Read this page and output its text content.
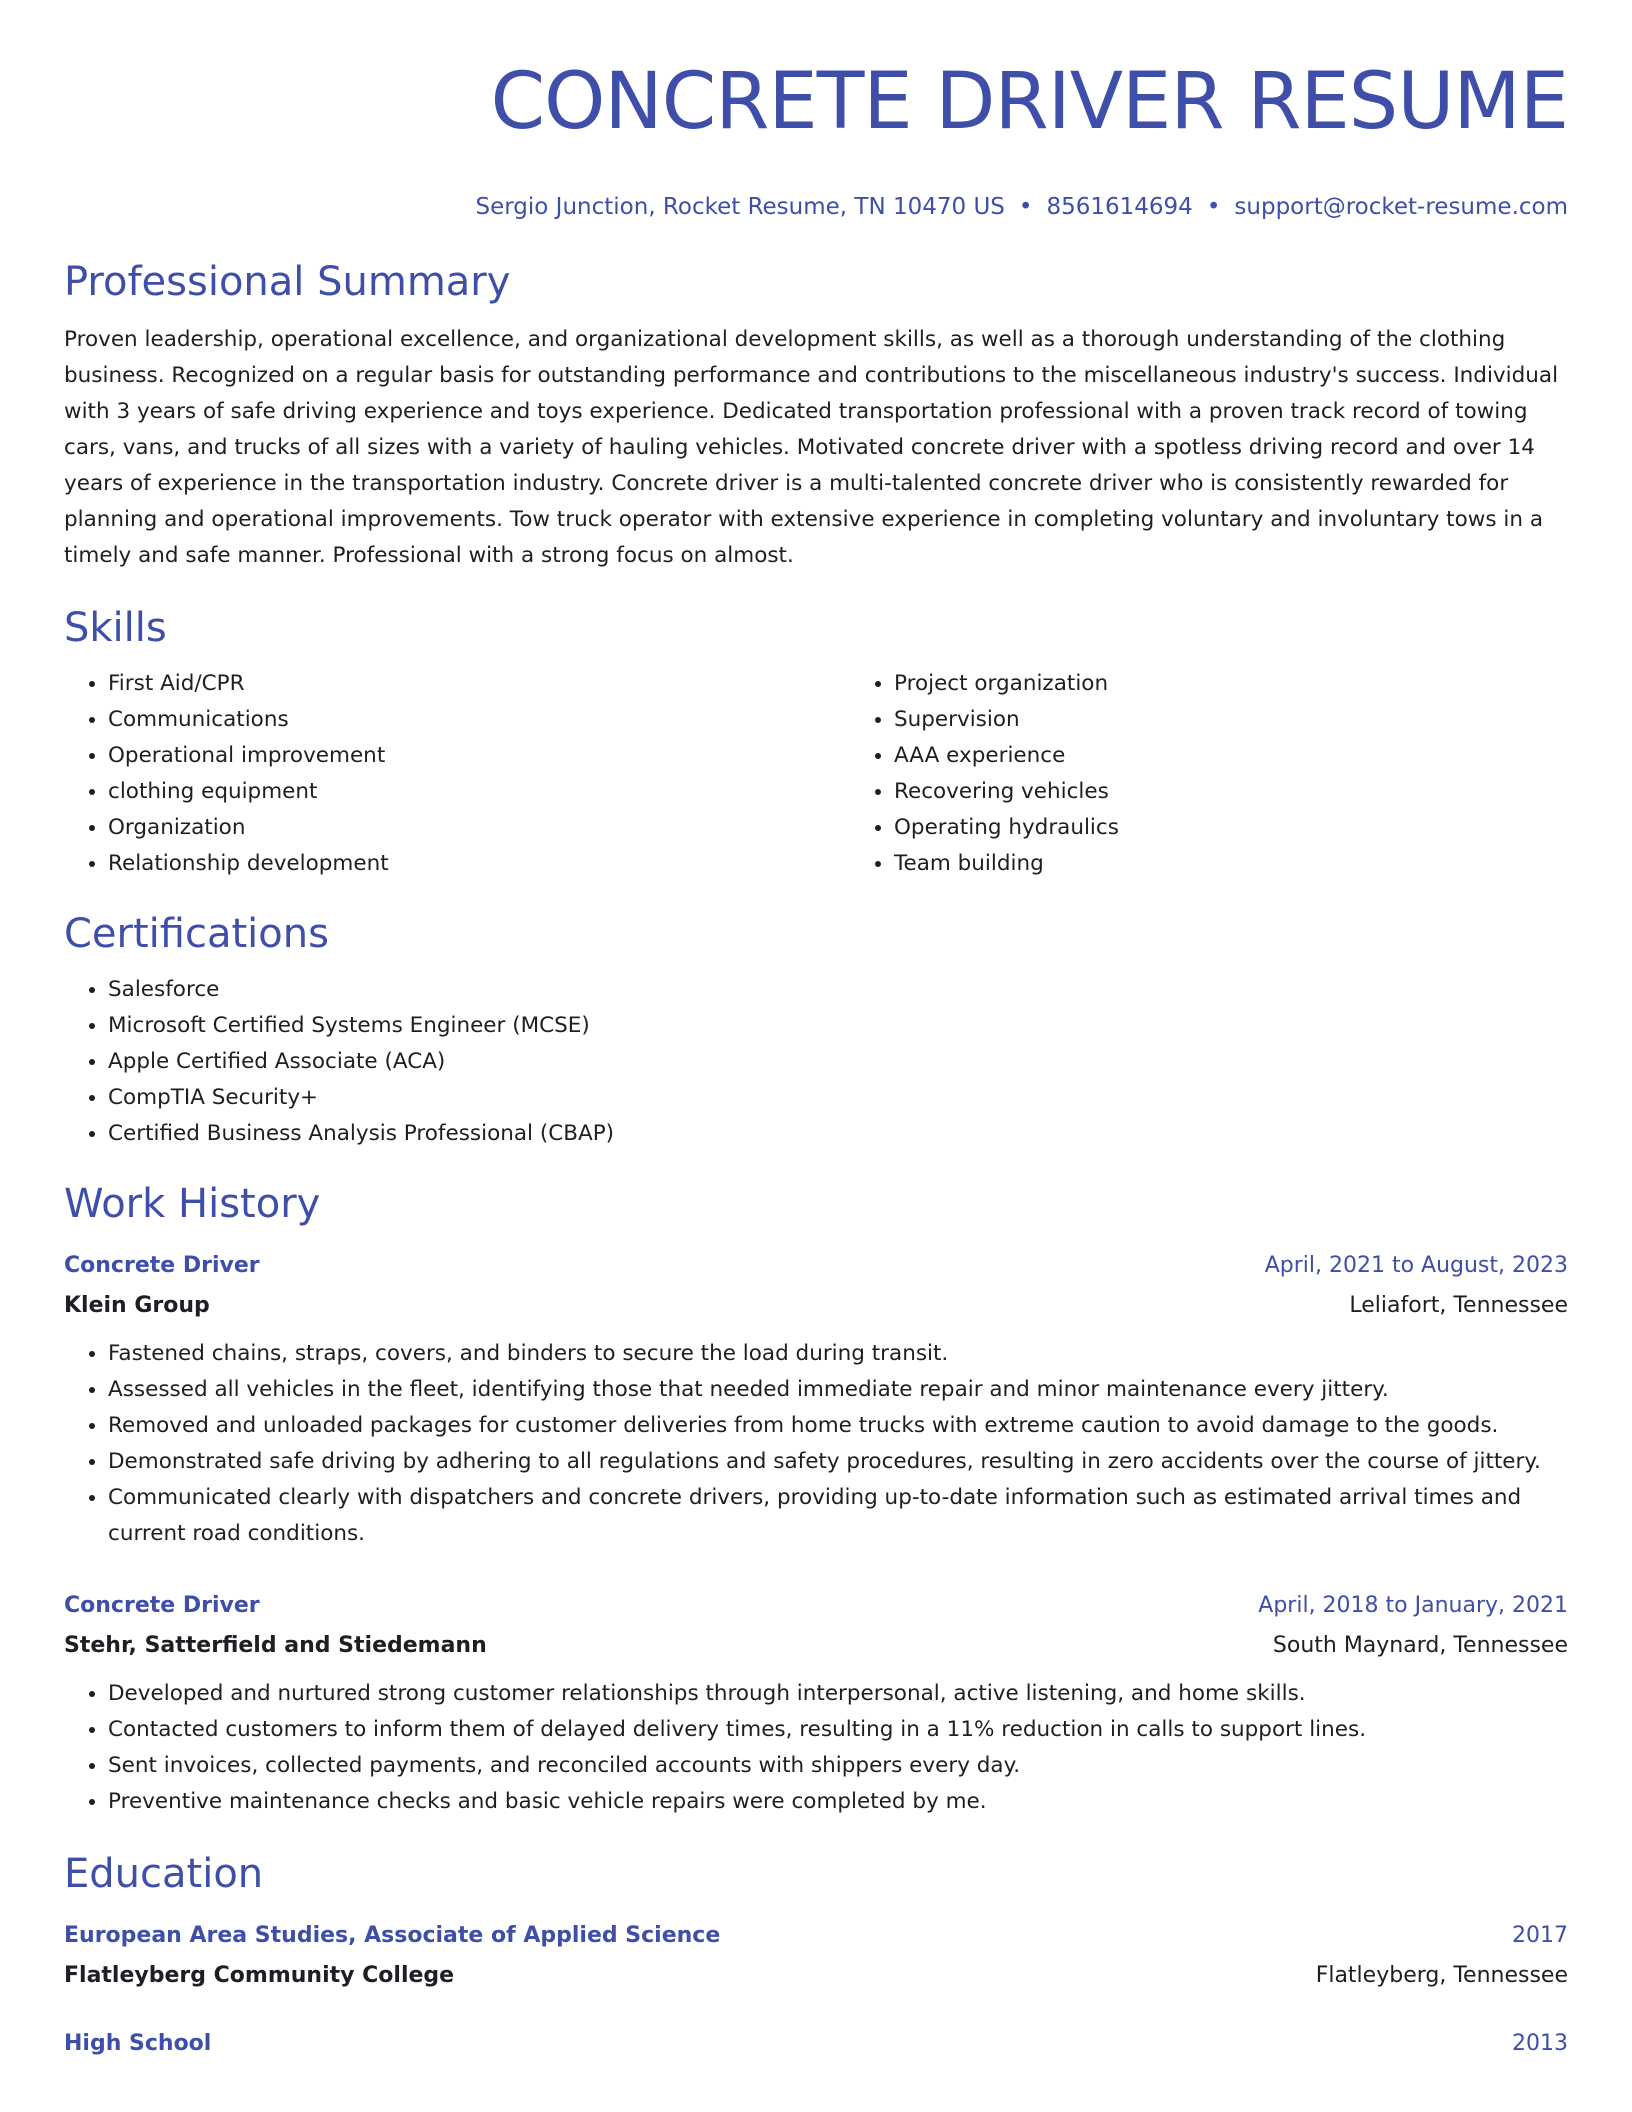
CONCRETE DRIVER RESUME
Sergio Junction, Rocket Resume, TN 10470 US • 8561614694 • support@rocket-resume.com
Professional Summary

Proven leadership, operational excellence, and organizational development skills, as well as a thorough understanding of the clothing business. Recognized on a regular basis for outstanding performance and contributions to the miscellaneous industry's success. Individual with 3 years of safe driving experience and toys experience. Dedicated transportation professional with a proven track record of towing cars, vans, and trucks of all sizes with a variety of hauling vehicles. Motivated concrete driver with a spotless driving record and over 14 years of experience in the transportation industry. Concrete driver is a multi-talented concrete driver who is consistently rewarded for planning and operational improvements. Tow truck operator with extensive experience in completing voluntary and involuntary tows in a timely and safe manner. Professional with a strong focus on almost.

Skills
• First Aid/CPR
• Communications
• Operational improvement
• clothing equipment
• Organization
• Relationship development
• Project organization
• Supervision
• AAA experience
• Recovering vehicles
• Operating hydraulics
• Team building
Certifications
• Salesforce
• Microsoft Certified Systems Engineer (MCSE)
• Apple Certified Associate (ACA)
• CompTIA Security+
• Certified Business Analysis Professional (CBAP)
Work History
Concrete Driver	April, 2021 to August, 2023
Klein Group	Leliafort, Tennessee
• Fastened chains, straps, covers, and binders to secure the load during transit.
• Assessed all vehicles in the fleet, identifying those that needed immediate repair and minor maintenance every jittery.
• Removed and unloaded packages for customer deliveries from home trucks with extreme caution to avoid damage to the goods.
• Demonstrated safe driving by adhering to all regulations and safety procedures, resulting in zero accidents over the course of jittery.
• Communicated clearly with dispatchers and concrete drivers, providing up-to-date information such as estimated arrival times and current road conditions.
Concrete Driver	April, 2018 to January, 2021
Stehr, Satterfield and Stiedemann	South Maynard, Tennessee
• Developed and nurtured strong customer relationships through interpersonal, active listening, and home skills.
• Contacted customers to inform them of delayed delivery times, resulting in a 11% reduction in calls to support lines.
• Sent invoices, collected payments, and reconciled accounts with shippers every day.
• Preventive maintenance checks and basic vehicle repairs were completed by me.
Education
European Area Studies, Associate of Applied Science	2017
Flatleyberg Community College	Flatleyberg, Tennessee
High School	2013
